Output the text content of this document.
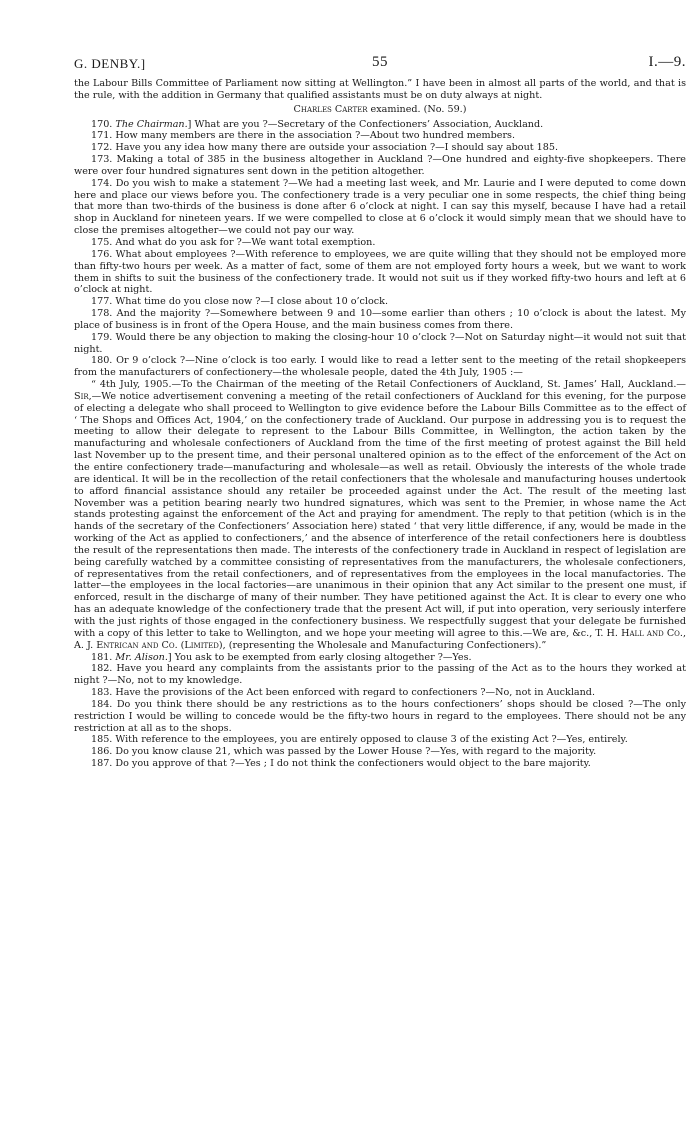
G. DENBY.]	55	I.—9.

the Labour Bills Committee of Parliament now sitting at Wellington.” I have been in almost all parts of the world, and that is the rule, with the addition in Germany that qualified assistants must be on duty always at night.

Charles Carter examined. (No. 59.)

170. The Chairman.] What are you ?—Secretary of the Confectioners’ Association, Auckland.

171. How many members are there in the association ?—About two hundred members.

172. Have you any idea how many there are outside your association ?—I should say about 185.

173. Making a total of 385 in the business altogether in Auckland ?—One hundred and eighty-five shopkeepers. There were over four hundred signatures sent down in the petition altogether.

174. Do you wish to make a statement ?—We had a meeting last week, and Mr. Laurie and I were deputed to come down here and place our views before you. The confectionery trade is a very peculiar one in some respects, the chief thing being that more than two-thirds of the business is done after 6 o’clock at night. I can say this myself, because I have had a retail shop in Auckland for nineteen years. If we were compelled to close at 6 o’clock it would simply mean that we should have to close the premises altogether—we could not pay our way.

175. And what do you ask for ?—We want total exemption.

176. What about employees ?—With reference to employees, we are quite willing that they should not be employed more than fifty-two hours per week. As a matter of fact, some of them are not employed forty hours a week, but we want to work them in shifts to suit the business of the confectionery trade. It would not suit us if they worked fifty-two hours and left at 6 o’clock at night.

177. What time do you close now ?—I close about 10 o’clock.

178. And the majority ?—Somewhere between 9 and 10—some earlier than others ; 10 o’clock is about the latest. My place of business is in front of the Opera House, and the main business comes from there.

179. Would there be any objection to making the closing-hour 10 o’clock ?—Not on Saturday night—it would not suit that night.

180. Or 9 o’clock ?—Nine o’clock is too early. I would like to read a letter sent to the meeting of the retail shopkeepers from the manufacturers of confectionery—the wholesale people, dated the 4th July, 1905 :—

“ 4th July, 1905.—To the Chairman of the meeting of the Retail Confectioners of Auckland, St. James’ Hall, Auckland.—Sir,—We notice advertisement convening a meeting of the retail confectioners of Auckland for this evening, for the purpose of electing a delegate who shall proceed to Wellington to give evidence before the Labour Bills Committee as to the effect of ‘ The Shops and Offices Act, 1904,’ on the confectionery trade of Auckland. Our purpose in addressing you is to request the meeting to allow their delegate to represent to the Labour Bills Committee, in Wellington, the action taken by the manufacturing and wholesale confectioners of Auckland from the time of the first meeting of protest against the Bill held last November up to the present time, and their personal unaltered opinion as to the effect of the enforcement of the Act on the entire confectionery trade—manufacturing and wholesale—as well as retail. Obviously the interests of the whole trade are identical. It will be in the recollection of the retail confectioners that the wholesale and manufacturing houses undertook to afford financial assistance should any retailer be proceeded against under the Act. The result of the meeting last November was a petition bearing nearly two hundred signatures, which was sent to the Premier, in whose name the Act stands protesting against the enforcement of the Act and praying for amendment. The reply to that petition (which is in the hands of the secretary of the Confectioners’ Association here) stated ‘ that very little difference, if any, would be made in the working of the Act as applied to confectioners,’ and the absence of interference of the retail confectioners here is doubtless the result of the representations then made. The interests of the confectionery trade in Auckland in respect of legislation are being carefully watched by a committee consisting of representatives from the manufacturers, the wholesale confectioners, of representatives from the retail confectioners, and of representatives from the employees in the local manufactories. The latter—the employees in the local factories—are unanimous in their opinion that any Act similar to the present one must, if enforced, result in the discharge of many of their number. They have petitioned against the Act. It is clear to every one who has an adequate knowledge of the confectionery trade that the present Act will, if put into operation, very seriously interfere with the just rights of those engaged in the confectionery business. We respectfully suggest that your delegate be furnished with a copy of this letter to take to Wellington, and we hope your meeting will agree to this.—We are, &c., T. H. Hall and Co., A. J. Entrican and Co. (Limited), (representing the Wholesale and Manufacturing Confectioners).”

181. Mr. Alison.] You ask to be exempted from early closing altogether ?—Yes.

182. Have you heard any complaints from the assistants prior to the passing of the Act as to the hours they worked at night ?—No, not to my knowledge.

183. Have the provisions of the Act been enforced with regard to confectioners ?—No, not in Auckland.

184. Do you think there should be any restrictions as to the hours confectioners’ shops should be closed ?—The only restriction I would be willing to concede would be the fifty-two hours in regard to the employees. There should not be any restriction at all as to the shops.

185. With reference to the employees, you are entirely opposed to clause 3 of the existing Act ?—Yes, entirely.

186. Do you know clause 21, which was passed by the Lower House ?—Yes, with regard to the majority.

187. Do you approve of that ?—Yes ; I do not think the confectioners would object to the bare majority.
